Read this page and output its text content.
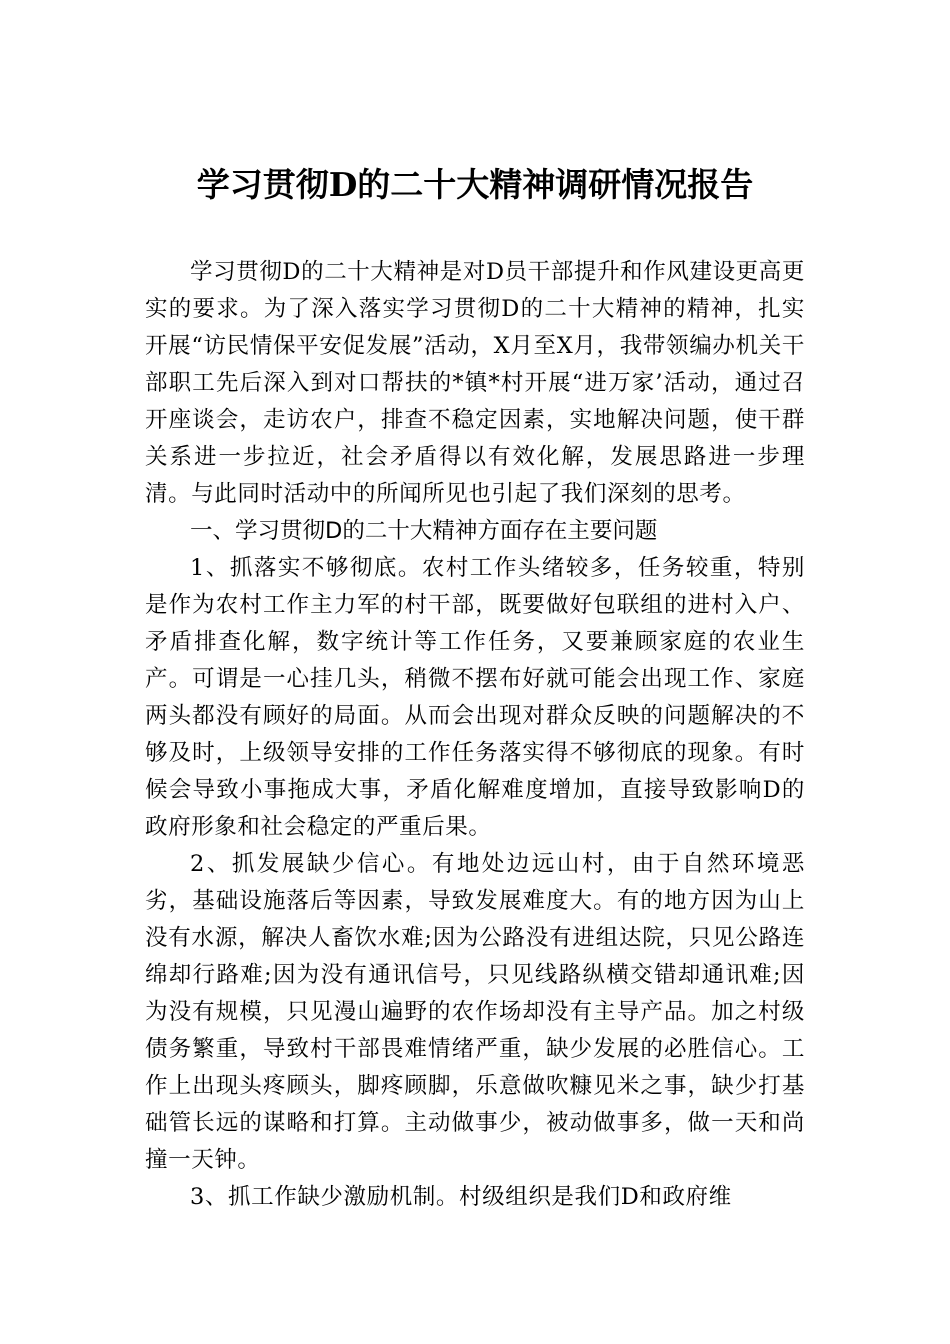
学习贯彻D的二十大精神调研情况报告

学习贯彻D的二十大精神是对D员干部提升和作风建设更高更实的要求。为了深入落实学习贯彻D的二十大精神的精神，扎实开展“访民情保平安促发展”活动，X月至X月，我带领编办机关干部职工先后深入到对口帮扶的*镇*村开展“进万家’活动，通过召开座谈会，走访农户，排查不稳定因素，实地解决问题，使干群关系进一步拉近，社会矛盾得以有效化解，发展思路进一步理清。与此同时活动中的所闻所见也引起了我们深刻的思考。

一、学习贯彻D的二十大精神方面存在主要问题

1、抓落实不够彻底。农村工作头绪较多，任务较重，特别是作为农村工作主力军的村干部，既要做好包联组的进村入户、矛盾排查化解，数字统计等工作任务，又要兼顾家庭的农业生产。可谓是一心挂几头，稍微不摆布好就可能会出现工作、家庭两头都没有顾好的局面。从而会出现对群众反映的问题解决的不够及时，上级领导安排的工作任务落实得不够彻底的现象。有时候会导致小事拖成大事，矛盾化解难度增加，直接导致影响D的政府形象和社会稳定的严重后果。

2、抓发展缺少信心。有地处边远山村，由于自然环境恶劣，基础设施落后等因素，导致发展难度大。有的地方因为山上没有水源，解决人畜饮水难;因为公路没有进组达院，只见公路连绵却行路难;因为没有通讯信号，只见线路纵横交错却通讯难;因为没有规模，只见漫山遍野的农作场却没有主导产品。加之村级债务繁重，导致村干部畏难情绪严重，缺少发展的必胜信心。工作上出现头疼顾头，脚疼顾脚，乐意做吹糠见米之事，缺少打基础管长远的谋略和打算。主动做事少，被动做事多，做一天和尚撞一天钟。

3、抓工作缺少激励机制。村级组织是我们D和政府维
